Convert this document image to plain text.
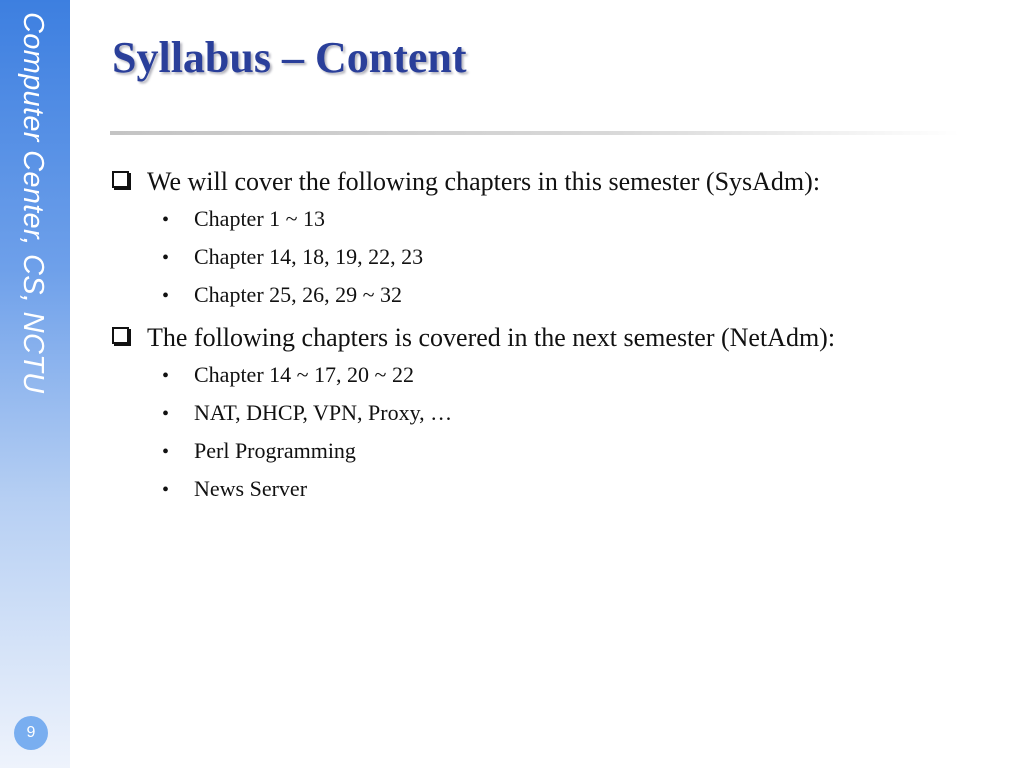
Computer Center, CS, NCTU
9
Syllabus – Content
We will cover the following chapters in this semester (SysAdm):
•	Chapter 1 ~ 13
•	Chapter 14, 18, 19, 22, 23
•	Chapter 25, 26, 29 ~ 32
The following chapters is covered in the next semester (NetAdm):
•	Chapter 14 ~ 17, 20 ~ 22
•	NAT, DHCP, VPN, Proxy, …
•	Perl Programming
•	News Server
